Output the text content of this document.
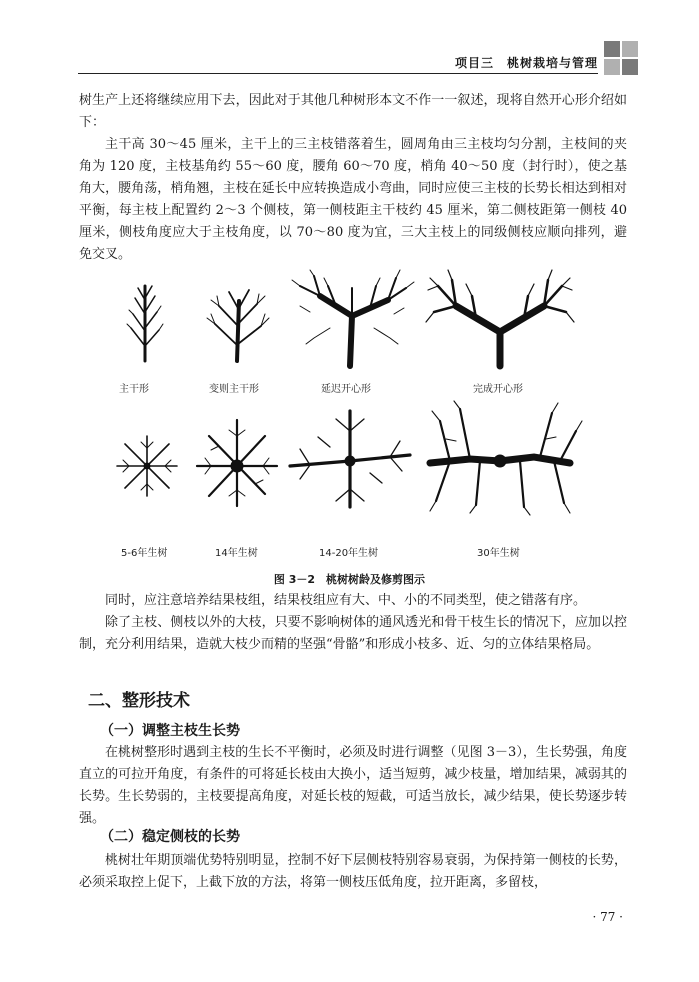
项目三　桃树栽培与管理

树生产上还将继续应用下去，因此对于其他几种树形本文不作一一叙述，现将自然开心形介绍如下：

主干高 30～45 厘米，主干上的三主枝错落着生，圆周角由三主枝均匀分割，主枝间的夹角为 120 度，主枝基角约 55～60 度，腰角 60～70 度，梢角 40～50 度（封行时），使之基角大，腰角荡，梢角翘，主枝在延长中应转换造成小弯曲，同时应使三主枝的长势长相达到相对平衡，每主枝上配置约 2～3 个侧枝，第一侧枝距主干枝约 45 厘米，第二侧枝距第一侧枝 40 厘米，侧枝角度应大于主枝角度，以 70～80 度为宜，三大主枝上的同级侧枝应顺向排列，避免交叉。

主干形	变则主干形	延迟开心形	完成开心形
5-6年生树	14年生树	14-20年生树	30年生树
图 3－2　桃树树龄及修剪图示

同时，应注意培养结果枝组，结果枝组应有大、中、小的不同类型，使之错落有序。

除了主枝、侧枝以外的大枝，只要不影响树体的通风透光和骨干枝生长的情况下，应加以控制，充分利用结果，造就大枝少而精的坚强“骨骼”和形成小枝多、近、匀的立体结果格局。

二、整形技术
（一）调整主枝生长势

在桃树整形时遇到主枝的生长不平衡时，必须及时进行调整（见图 3－3），生长势强，角度直立的可拉开角度，有条件的可将延长枝由大换小，适当短剪，减少枝量，增加结果，减弱其的长势。生长势弱的，主枝要提高角度，对延长枝的短截，可适当放长，减少结果，使长势逐步转强。

（二）稳定侧枝的长势

桃树壮年期顶端优势特别明显，控制不好下层侧枝特别容易衰弱，为保持第一侧枝的长势，必须采取控上促下，上截下放的方法，将第一侧枝压低角度，拉开距离，多留枝，

· 77 ·
